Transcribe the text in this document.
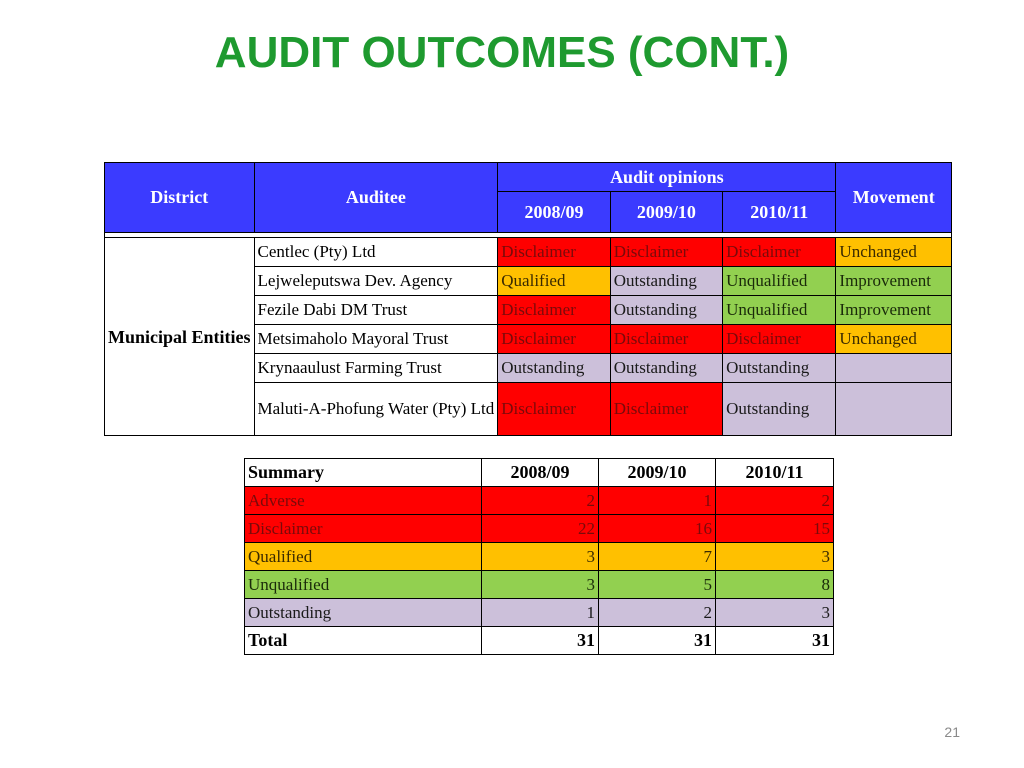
AUDIT OUTCOMES (CONT.)
District	Auditee	Audit opinions			Movement
		2008/09	2009/10	2010/11	

Municipal Entities	Centlec (Pty) Ltd	Disclaimer	Disclaimer	Disclaimer	Unchanged
	Lejweleputswa Dev. Agency	Qualified	Outstanding	Unqualified	Improvement
	Fezile Dabi DM Trust	Disclaimer	Outstanding	Unqualified	Improvement
	Metsimaholo Mayoral Trust	Disclaimer	Disclaimer	Disclaimer	Unchanged
	Krynaaulust Farming Trust	Outstanding	Outstanding	Outstanding	
	Maluti-A-Phofung Water (Pty) Ltd	Disclaimer	Disclaimer	Outstanding	
Summary	2008/09	2009/10	2010/11
Adverse	2	1	2
Disclaimer	22	16	15
Qualified	3	7	3
Unqualified	3	5	8
Outstanding	1	2	3
Total	31	31	31
21
